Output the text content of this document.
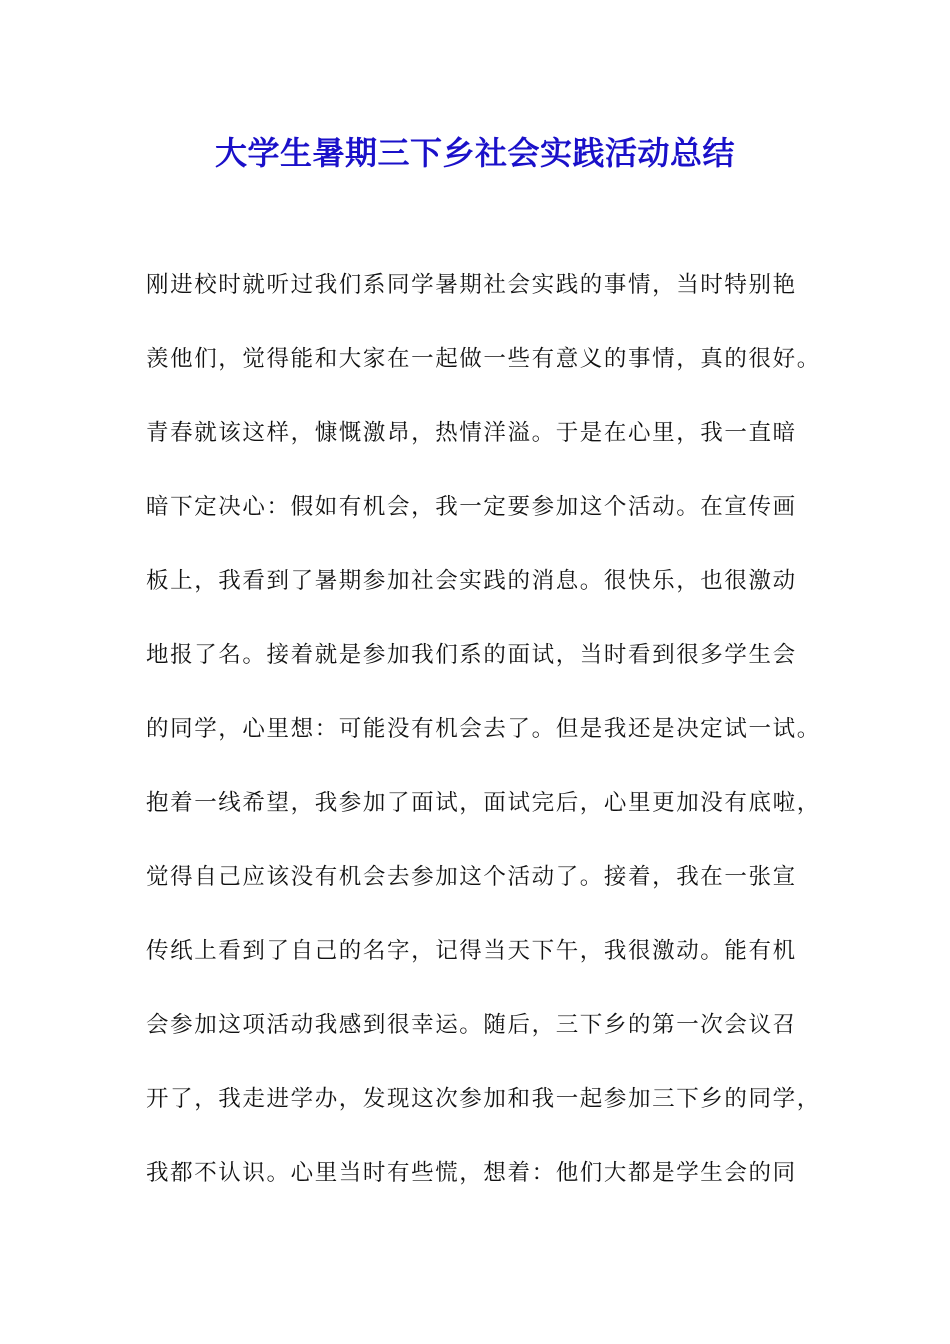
大学生暑期三下乡社会实践活动总结
刚进校时就听过我们系同学暑期社会实践的事情，当时特别艳
羡他们，觉得能和大家在一起做一些有意义的事情，真的很好。
青春就该这样，慷慨激昂，热情洋溢。于是在心里，我一直暗
暗下定决心：假如有机会，我一定要参加这个活动。在宣传画
板上，我看到了暑期参加社会实践的消息。很快乐，也很激动
地报了名。接着就是参加我们系的面试，当时看到很多学生会
的同学，心里想：可能没有机会去了。但是我还是决定试一试。
抱着一线希望，我参加了面试，面试完后，心里更加没有底啦，
觉得自己应该没有机会去参加这个活动了。接着，我在一张宣
传纸上看到了自己的名字，记得当天下午，我很激动。能有机
会参加这项活动我感到很幸运。随后，三下乡的第一次会议召
开了，我走进学办，发现这次参加和我一起参加三下乡的同学，
我都不认识。心里当时有些慌，想着：他们大都是学生会的同
